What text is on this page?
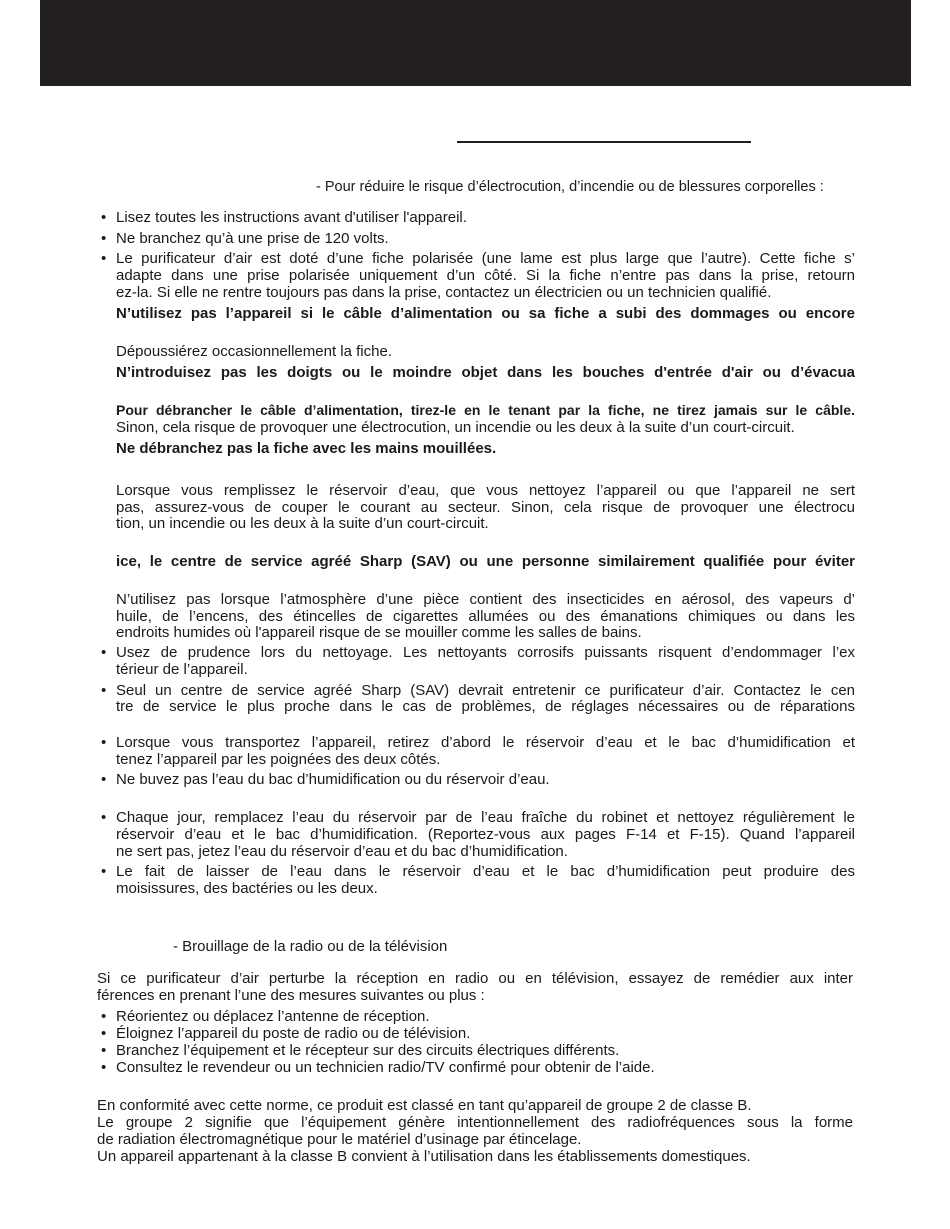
- Pour réduire le risque d’électrocution, d’incendie ou de blessures corporelles :
• Lisez toutes les instructions avant d'utiliser l'appareil.
• Ne branchez qu’à une prise de 120 volts.
• Le purificateur d’air est doté d’une fiche polarisée (une lame est plus large que l’autre). Cette fiche s’
adapte dans une prise polarisée uniquement d’un côté. Si la fiche n’entre pas dans la prise, retourn
ez-la. Si elle ne rentre toujours pas dans la prise, contactez un électricien ou un technicien qualifié.
N’utilisez pas l’appareil si le câble d’alimentation ou sa fiche a subi des dommages ou encore
Dépoussiérez occasionnellement la fiche.
N’introduisez pas les doigts ou le moindre objet dans les bouches d'entrée d'air ou d’évacua
Pour débrancher le câble d’alimentation, tirez-le en le tenant par la fiche, ne tirez jamais sur le câble.
Sinon, cela risque de provoquer une électrocution, un incendie ou les deux à la suite d’un court-circuit.
Ne débranchez pas la fiche avec les mains mouillées.
Lorsque vous remplissez le réservoir d’eau, que vous nettoyez l’appareil ou que l’appareil ne sert
pas, assurez-vous de couper le courant au secteur. Sinon, cela risque de provoquer une électrocu
tion, un incendie ou les deux à la suite d’un court-circuit.
ice, le centre de service agréé Sharp (SAV) ou une personne similairement qualifiée pour éviter
N’utilisez pas lorsque l’atmosphère d’une pièce contient des insecticides en aérosol, des vapeurs d’
huile, de l’encens, des étincelles de cigarettes allumées ou des émanations chimiques ou dans les
endroits humides où l'appareil risque de se mouiller comme les salles de bains.
• Usez de prudence lors du nettoyage. Les nettoyants corrosifs puissants risquent d’endommager l’ex
térieur de l’appareil.
• Seul un centre de service agréé Sharp (SAV) devrait entretenir ce purificateur d’air. Contactez le cen
tre de service le plus proche dans le cas de problèmes, de réglages nécessaires ou de réparations
• Lorsque vous transportez l’appareil, retirez d’abord le réservoir d’eau et le bac d’humidification et
tenez l’appareil par les poignées des deux côtés.
• Ne buvez pas l’eau du bac d’humidification ou du réservoir d’eau.
• Chaque jour, remplacez l’eau du réservoir par de l’eau fraîche du robinet et nettoyez régulièrement le
réservoir d’eau et le bac d’humidification. (Reportez-vous aux pages F-14 et F-15). Quand l’appareil
ne sert pas, jetez l’eau du réservoir d’eau et du bac d’humidification.
• Le fait de laisser de l’eau dans le réservoir d’eau et le bac d’humidification peut produire des
moisissures, des bactéries ou les deux.
- Brouillage de la radio ou de la télévision
Si ce purificateur d’air perturbe la réception en radio ou en télévision, essayez de remédier aux inter
férences en prenant l’une des mesures suivantes ou plus :
• Réorientez ou déplacez l’antenne de réception.
• Éloignez l’appareil du poste de radio ou de télévision.
• Branchez l’équipement et le récepteur sur des circuits électriques différents.
• Consultez le revendeur ou un technicien radio/TV confirmé pour obtenir de l’aide.
En conformité avec cette norme, ce produit est classé en tant qu’appareil de groupe 2 de classe B.
Le groupe 2 signifie que l’équipement génère intentionnellement des radiofréquences sous la forme
de radiation électromagnétique pour le matériel d’usinage par étincelage.
Un appareil appartenant à la classe B convient à l’utilisation dans les établissements domestiques.
